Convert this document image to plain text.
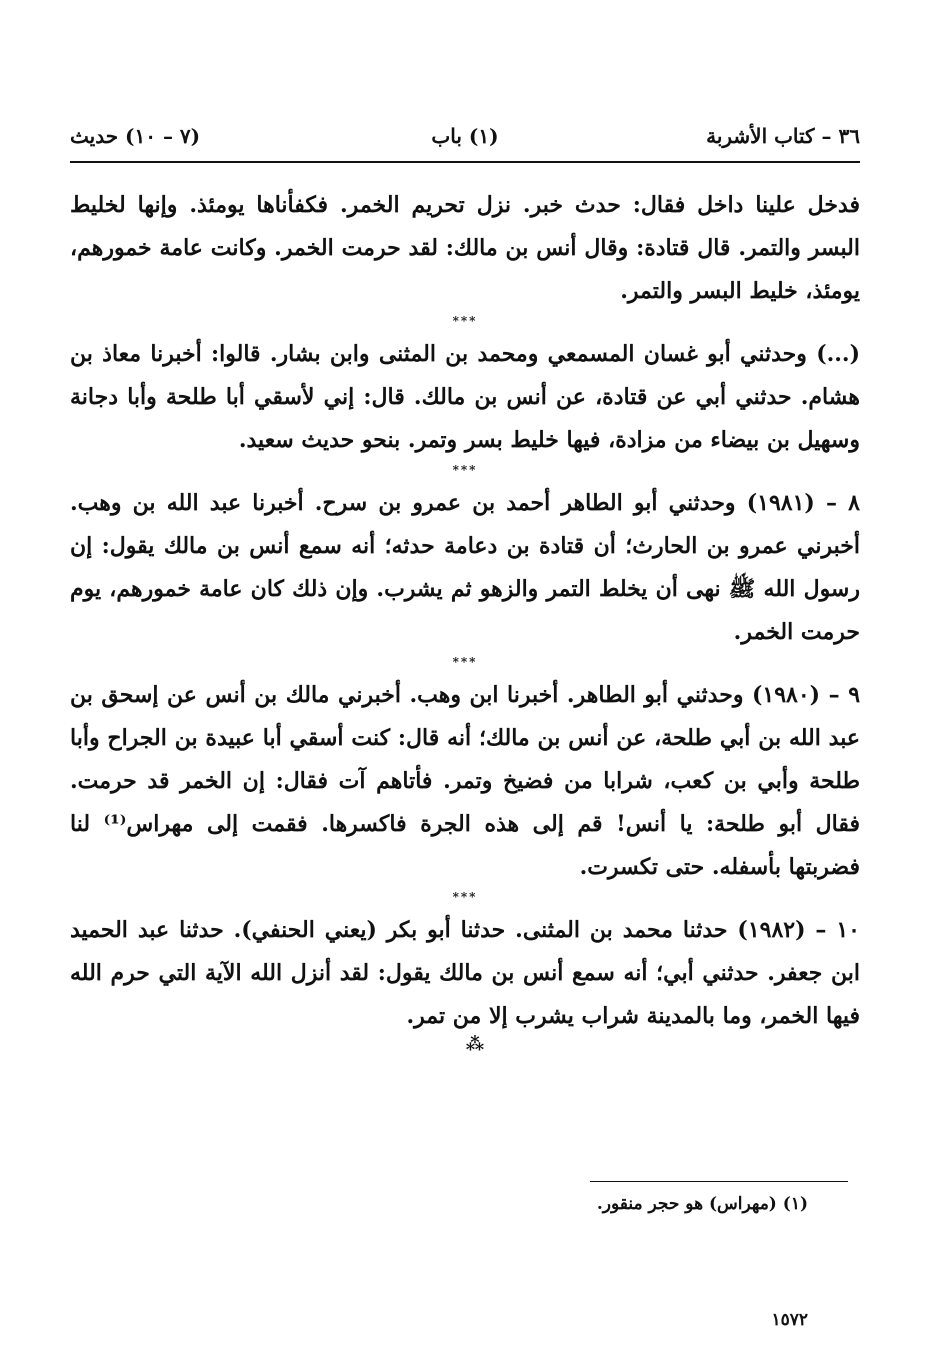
٣٦ – كتاب الأشربة
(١) باب
(٧ – ١٠) حديث

فدخل علينا داخل فقال: حدث خبر. نزل تحريم الخمر. فكفأناها يومئذ. وإنها لخليط البسر والتمر. قال قتادة: وقال أنس بن مالك: لقد حرمت الخمر. وكانت عامة خمورهم، يومئذ، خليط البسر والتمر.

***

(...) وحدثني أبو غسان المسمعي ومحمد بن المثنى وابن بشار. قالوا: أخبرنا معاذ بن هشام. حدثني أبي عن قتادة، عن أنس بن مالك. قال: إني لأسقي أبا طلحة وأبا دجانة وسهيل بن بيضاء من مزادة، فيها خليط بسر وتمر. بنحو حديث سعيد.

***

٨ – (١٩٨١) وحدثني أبو الطاهر أحمد بن عمرو بن سرح. أخبرنا عبد الله بن وهب. أخبرني عمرو بن الحارث؛ أن قتادة بن دعامة حدثه؛ أنه سمع أنس بن مالك يقول: إن رسول الله ﷺ نهى أن يخلط التمر والزهو ثم يشرب. وإن ذلك كان عامة خمورهم، يوم حرمت الخمر.

***

٩ – (١٩٨٠) وحدثني أبو الطاهر. أخبرنا ابن وهب. أخبرني مالك بن أنس عن إسحق بن عبد الله بن أبي طلحة، عن أنس بن مالك؛ أنه قال: كنت أسقي أبا عبيدة بن الجراح وأبا طلحة وأبي بن كعب، شرابا من فضيخ وتمر. فأتاهم آت فقال: إن الخمر قد حرمت. فقال أبو طلحة: يا أنس! قم إلى هذه الجرة فاكسرها. فقمت إلى مهراس⁽¹⁾ لنا فضربتها بأسفله. حتى تكسرت.

***

١٠ – (١٩٨٢) حدثنا محمد بن المثنى. حدثنا أبو بكر (يعني الحنفي). حدثنا عبد الحميد ابن جعفر. حدثني أبي؛ أنه سمع أنس بن مالك يقول: لقد أنزل الله الآية التي حرم الله فيها الخمر، وما بالمدينة شراب يشرب إلا من تمر.

⁂
(١) (مهراس) هو حجر منقور.
١٥٧٢
